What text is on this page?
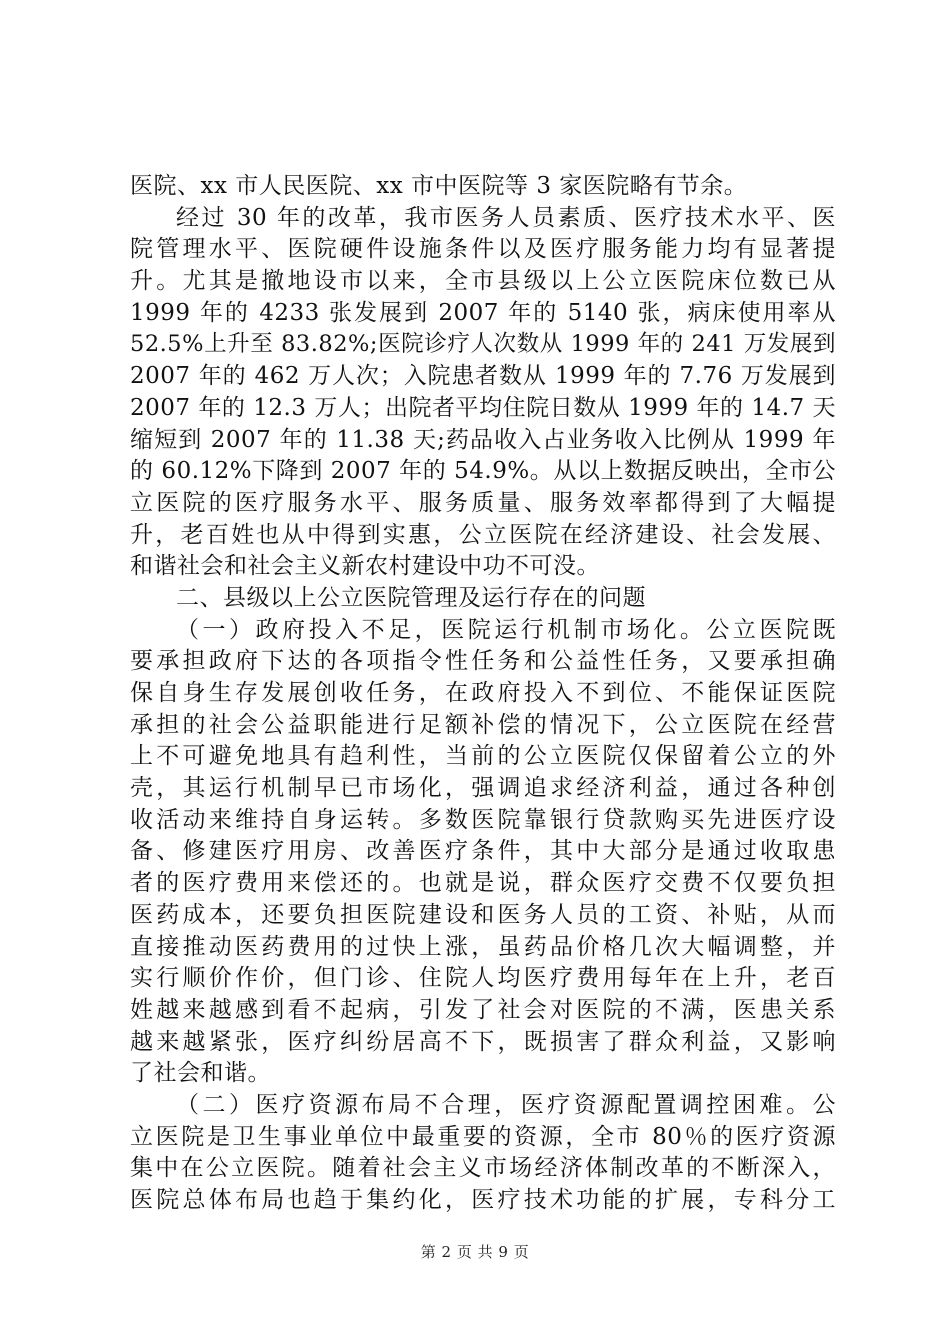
医院、xx 市人民医院、xx 市中医院等 3 家医院略有节余。
经过 30 年的改革，我市医务人员素质、医疗技术水平、医
院管理水平、医院硬件设施条件以及医疗服务能力均有显著提
升。尤其是撤地设市以来，全市县级以上公立医院床位数已从
1999 年的 4233 张发展到 2007 年的 5140 张，病床使用率从
52.5%上升至 83.82%;医院诊疗人次数从 1999 年的 241 万发展到
2007 年的 462 万人次；入院患者数从 1999 年的 7.76 万发展到
2007 年的 12.3 万人；出院者平均住院日数从 1999 年的 14.7 天
缩短到 2007 年的 11.38 天;药品收入占业务收入比例从 1999 年
的 60.12%下降到 2007 年的 54.9%。从以上数据反映出，全市公
立医院的医疗服务水平、服务质量、服务效率都得到了大幅提
升，老百姓也从中得到实惠，公立医院在经济建设、社会发展、
和谐社会和社会主义新农村建设中功不可没。
二、县级以上公立医院管理及运行存在的问题
（一）政府投入不足，医院运行机制市场化。公立医院既
要承担政府下达的各项指令性任务和公益性任务，又要承担确
保自身生存发展创收任务，在政府投入不到位、不能保证医院
承担的社会公益职能进行足额补偿的情况下，公立医院在经营
上不可避免地具有趋利性，当前的公立医院仅保留着公立的外
壳，其运行机制早已市场化，强调追求经济利益，通过各种创
收活动来维持自身运转。多数医院靠银行贷款购买先进医疗设
备、修建医疗用房、改善医疗条件，其中大部分是通过收取患
者的医疗费用来偿还的。也就是说，群众医疗交费不仅要负担
医药成本，还要负担医院建设和医务人员的工资、补贴，从而
直接推动医药费用的过快上涨，虽药品价格几次大幅调整，并
实行顺价作价，但门诊、住院人均医疗费用每年在上升，老百
姓越来越感到看不起病，引发了社会对医院的不满，医患关系
越来越紧张，医疗纠纷居高不下，既损害了群众利益，又影响
了社会和谐。
（二）医疗资源布局不合理，医疗资源配置调控困难。公
立医院是卫生事业单位中最重要的资源，全市 80％的医疗资源
集中在公立医院。随着社会主义市场经济体制改革的不断深入，
医院总体布局也趋于集约化，医疗技术功能的扩展，专科分工
第 2 页 共 9 页
